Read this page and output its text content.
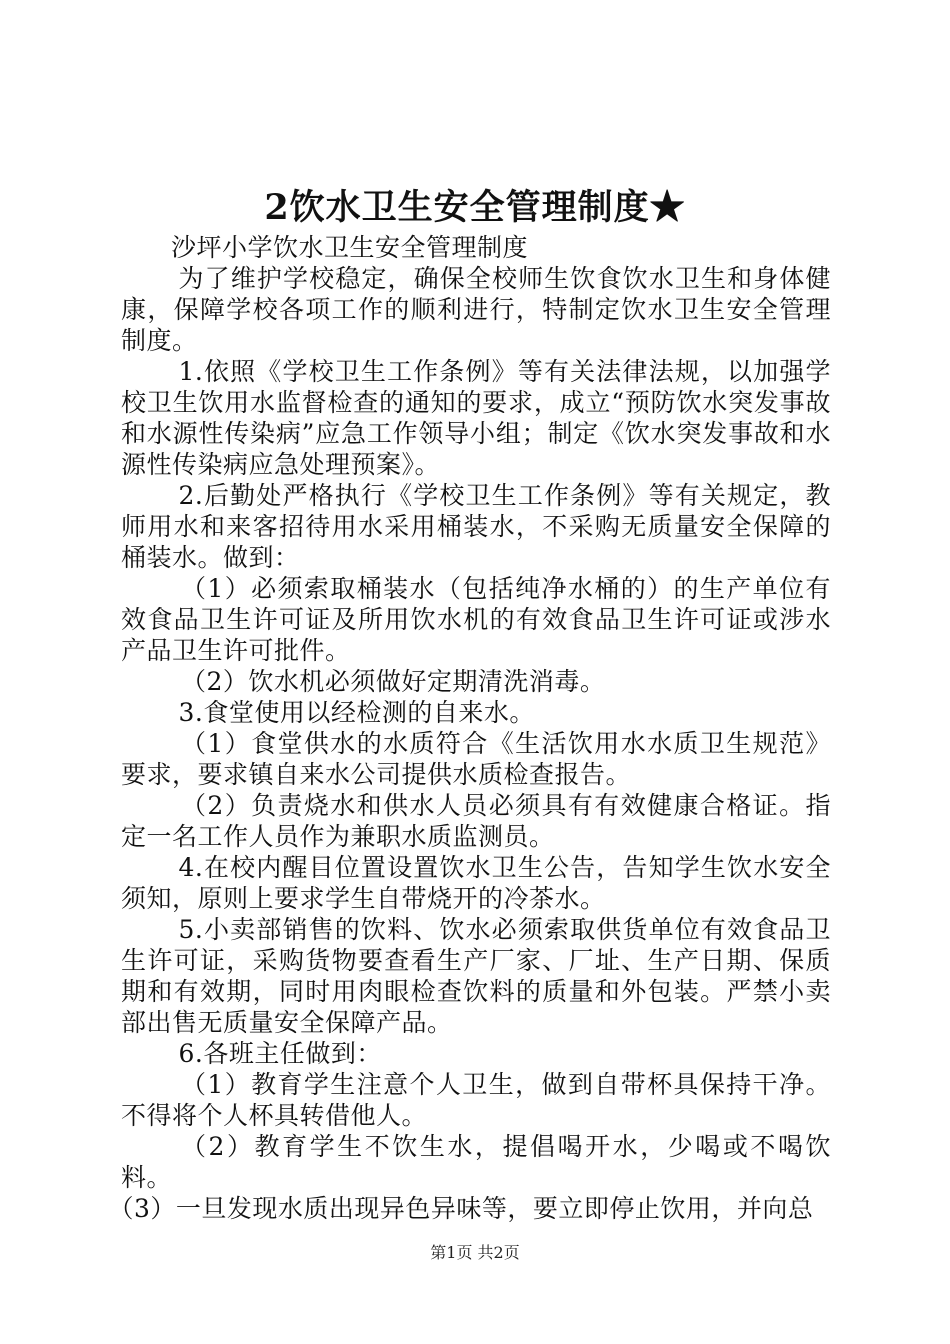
2饮水卫生安全管理制度★

沙坪小学饮水卫生安全管理制度

为了维护学校稳定，确保全校师生饮食饮水卫生和身体健康，保障学校各项工作的顺利进行，特制定饮水卫生安全管理制度。

1.依照《学校卫生工作条例》等有关法律法规，以加强学校卫生饮用水监督检查的通知的要求，成立“预防饮水突发事故和水源性传染病”应急工作领导小组；制定《饮水突发事故和水源性传染病应急处理预案》。

2.后勤处严格执行《学校卫生工作条例》等有关规定，教师用水和来客招待用水采用桶装水，不采购无质量安全保障的桶装水。做到：

（1）必须索取桶装水（包括纯净水桶的）的生产单位有效食品卫生许可证及所用饮水机的有效食品卫生许可证或涉水产品卫生许可批件。

（2）饮水机必须做好定期清洗消毒。

3.食堂使用以经检测的自来水。

（1）食堂供水的水质符合《生活饮用水水质卫生规范》要求，要求镇自来水公司提供水质检查报告。

（2）负责烧水和供水人员必须具有有效健康合格证。指定一名工作人员作为兼职水质监测员。

4.在校内醒目位置设置饮水卫生公告，告知学生饮水安全须知，原则上要求学生自带烧开的冷茶水。

5.小卖部销售的饮料、饮水必须索取供货单位有效食品卫生许可证，采购货物要查看生产厂家、厂址、生产日期、保质期和有效期，同时用肉眼检查饮料的质量和外包装。严禁小卖部出售无质量安全保障产品。

6.各班主任做到：

（1）教育学生注意个人卫生，做到自带杯具保持干净。不得将个人杯具转借他人。

（2）教育学生不饮生水，提倡喝开水，少喝或不喝饮料。

（3）一旦发现水质出现异色异味等，要立即停止饮用，并向总

第1页 共2页
